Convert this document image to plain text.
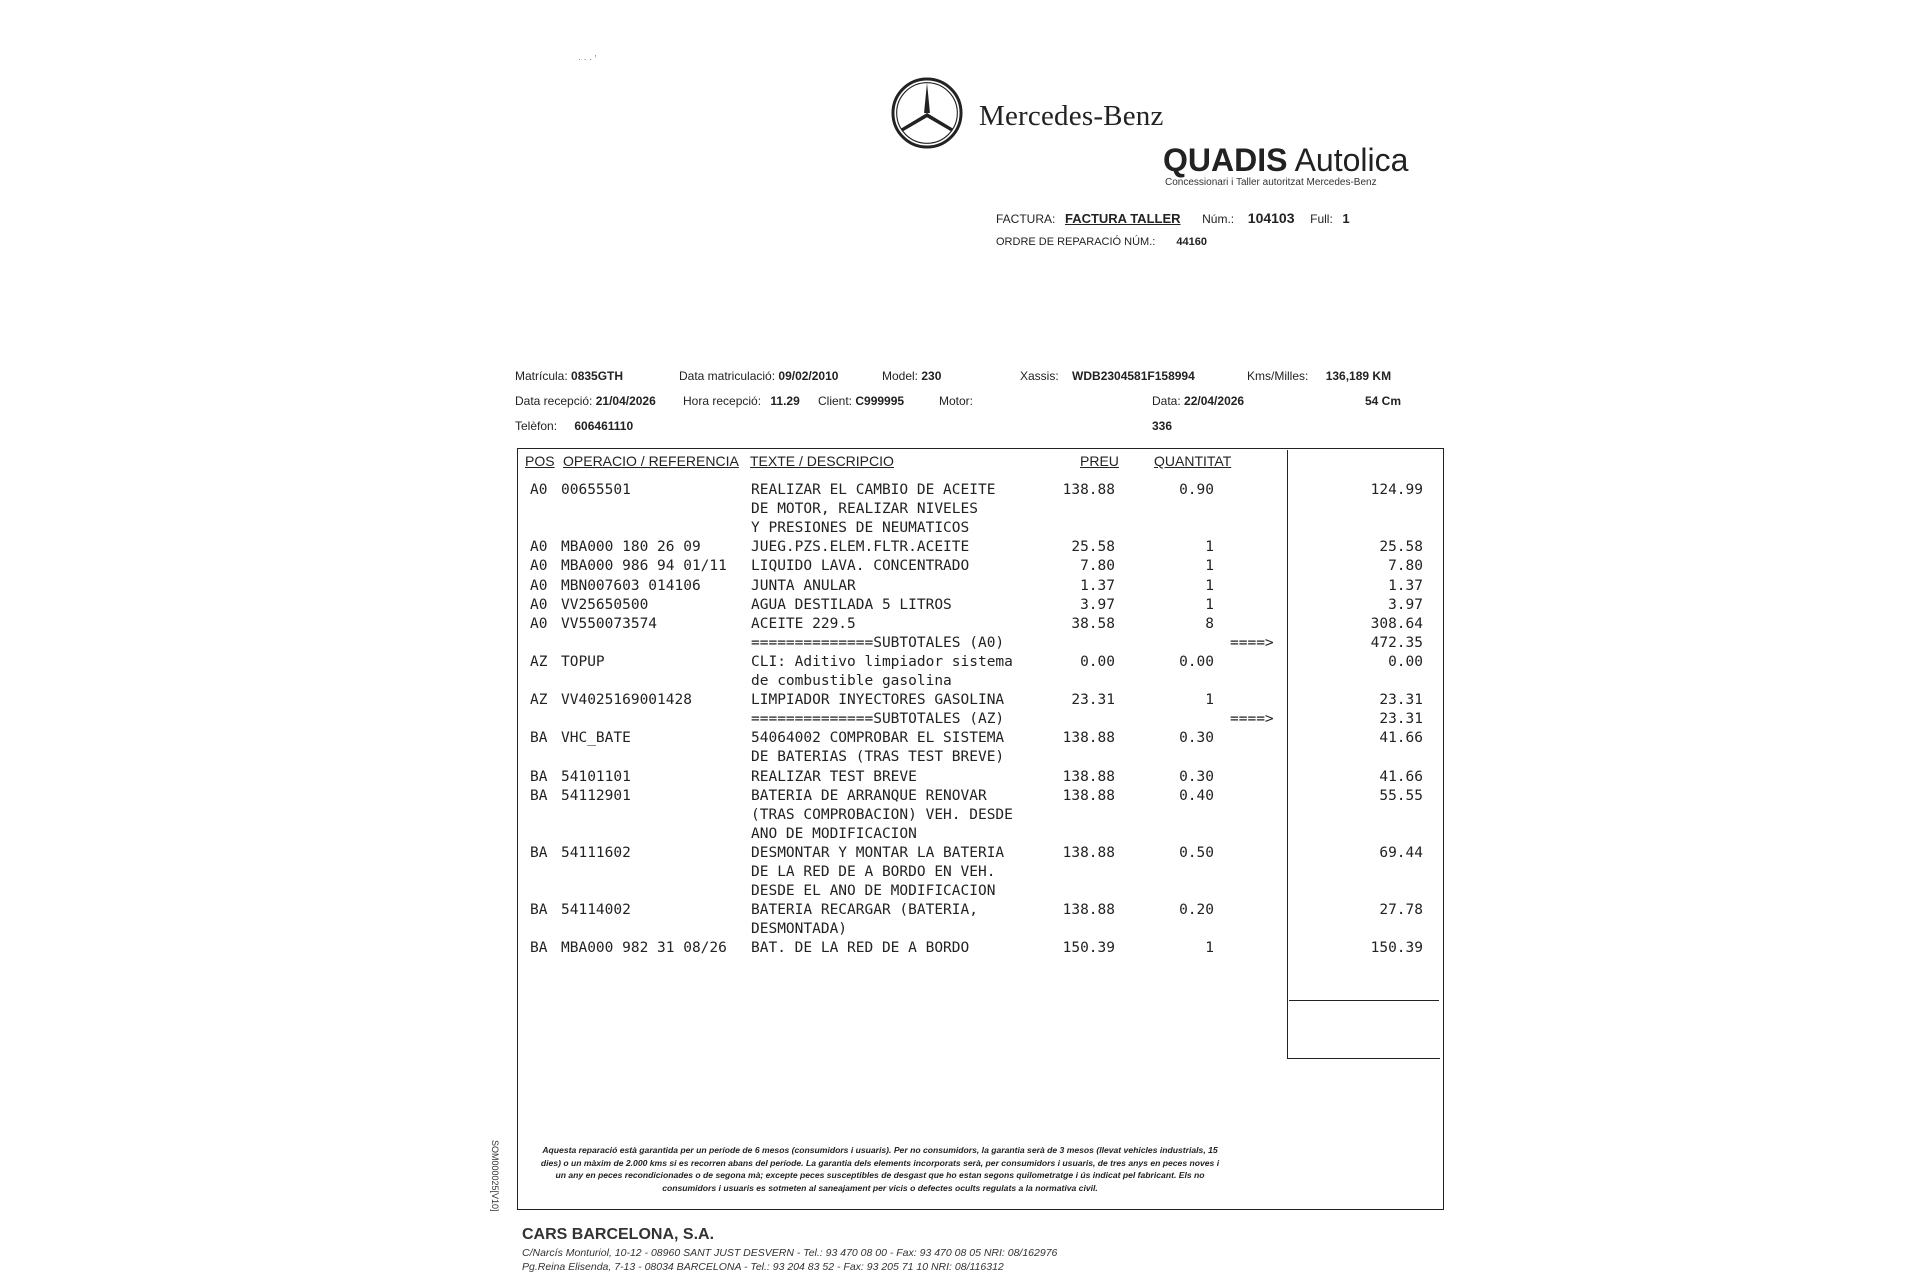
· · · ʼ
Mercedes-Benz
QUADIS Autolica
Concessionari i Taller autoritzat Mercedes-Benz
FACTURA: FACTURA TALLER Núm.: 104103 Full: 1
ORDRE DE REPARACIÓ NÚM.: 44160
Matrícula: 0835GTH	Data matriculació: 09/02/2010	Model: 230	Xassis: WDB2304581F158994	Kms/Milles: 136,189 KM
Data recepció: 21/04/2026 Hora recepció: 11.29 Client: C999995	Motor:	Data: 22/04/2026	54 Cm
Telèfon: 606461110	336
POS OPERACIO / REFERENCIA TEXTE / DESCRIPCIO	PREU	QUANTITAT
A0 00655501	REALIZAR EL CAMBIO DE ACEITE	138.88	0.90	124.99
DE MOTOR, REALIZAR NIVELES
Y PRESIONES DE NEUMATICOS
A0 MBA000 180 26 09	JUEG.PZS.ELEM.FLTR.ACEITE	25.58	1	25.58
A0 MBA000 986 94 01/11 LIQUIDO LAVA. CONCENTRADO	7.80	1	7.80
A0 MBN007603 014106	JUNTA ANULAR	1.37	1	1.37
A0 VV25650500	AGUA DESTILADA 5 LITROS	3.97	1	3.97
A0 VV550073574	ACEITE 229.5	38.58	8	308.64
==============SUBTOTALES (A0)	====>	472.35
AZ TOPUP	CLI: Aditivo limpiador sistema	0.00	0.00	0.00
de combustible gasolina
AZ VV4025169001428	LIMPIADOR INYECTORES GASOLINA	23.31	1	23.31
==============SUBTOTALES (AZ)	====>	23.31
BA VHC_BATE	54064002 COMPROBAR EL SISTEMA	138.88	0.30	41.66
DE BATERIAS (TRAS TEST BREVE)
BA 54101101	REALIZAR TEST BREVE	138.88	0.30	41.66
BA 54112901	BATERIA DE ARRANQUE RENOVAR	138.88	0.40	55.55
(TRAS COMPROBACION) VEH. DESDE
ANO DE MODIFICACION
BA 54111602	DESMONTAR Y MONTAR LA BATERIA	138.88	0.50	69.44
DE LA RED DE A BORDO EN VEH.
DESDE EL ANO DE MODIFICACION
BA 54114002	BATERIA RECARGAR (BATERIA,	138.88	0.20	27.78
DESMONTADA)
BA MBA000 982 31 08/26 BAT. DE LA RED DE A BORDO	150.39	1	150.39
SOM000025[V10]	Aquesta reparació està garantida per un període de 6 mesos (consumidors i usuaris). Per no consumidors, la garantia serà de 3 mesos (llevat vehicles industrials, 15 dies) o un màxim de 2.000 kms si es recorren abans del període. La garantia dels elements incorporats serà, per consumidors i usuaris, de tres anys en peces noves i un any en peces recondicionades o de segona mà; excepte peces susceptibles de desgast que ho estan segons quilometratge i ús indicat pel fabricant. Els no consumidors i usuaris es sotmeten al saneajament per vicis o defectes ocults regulats a la normativa civil.
CARS BARCELONA, S.A.
C/Narcís Monturiol, 10-12 - 08960 SANT JUST DESVERN - Tel.: 93 470 08 00 - Fax: 93 470 08 05 NRI: 08/162976
Pg.Reina Elisenda, 7-13 - 08034 BARCELONA - Tel.: 93 204 83 52 - Fax: 93 205 71 10 NRI: 08/116312
